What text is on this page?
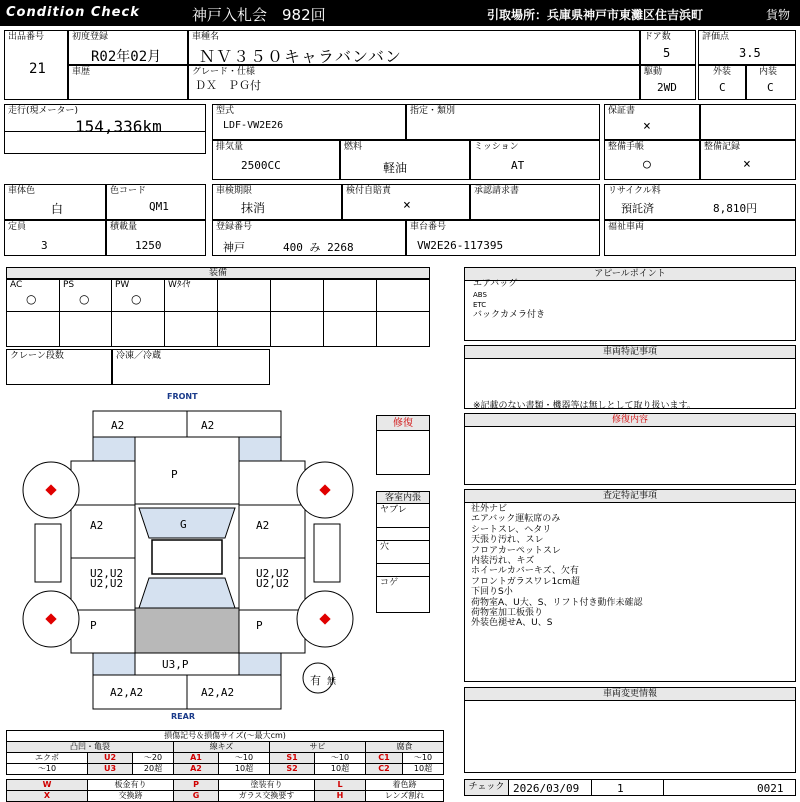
Condition Check	神戸入札会　982回	引取場所：兵庫県神戸市東灘区住吉浜町	貨物
出品番号
21
初度登録
R02年02月
車種名
ＮＶ３５０キャラバンバン
ドア数
5
評価点
3.5
車歴	グレード・仕様
ＤＸ　ＰＧ付
駆動
2WD
外装
C
内装
C
走行(現メーター)
154,336km
型式
LDF-VW2E26
指定・類別	保証書
×
排気量
2500CC
燃料
軽油
ミッション
AT
整備手帳
○
整備記録
×
車体色
白
色コード
QM1
車検期限
抹消
検付自賠責
×
承認請求書	リサイクル料
預託済	8,810円
定員
3
積載量
1250
登録番号
神戸	400 み 2268
車台番号
VW2E26-117395
福祉車両
装備
AC
○
PS
○
PW
○
Wﾀｲﾔ
クレーン段数	冷凍／冷蔵
アピールポイント
エアバッグ
ABS
ETC
バックカメラ付き
車両特記事項
※記載のない書類・機器等は無しとして取り扱います。
修復内容
査定特記事項
社外ナビ
エアバック運転席のみ
シートスレ、ヘタリ
天張り汚れ、スレ
フロアカーペットスレ
内装汚れ、キズ
ホイールカバーキズ、欠有
フロントガラスワレ1cm超
下回りS小
荷物室A、U大、S、リフト付き動作未確認
荷物室加工板張り
外装色褪せA、U、S
車両変更情報
チェック 2026/03/09	1	0021
修復
客室内張
ヤブレ
穴
コゲ
FRONT
REAR
A2	A2
P
G
A2	A2
U2,U2
U2,U2
U2,U2
U2,U2
P	P
U3,P
A2,A2	A2,A2
有 無
損傷記号＆損傷サイズ(〜最大cm)
凸凹・亀裂			線キズ		サビ		腐食	
エクボ	U2	〜20	A1	〜10	S1	〜10	C1	〜10
〜10	U3	20超	A2	10超	S2	10超	C2	10超

W	板金有り		P	塗装有り		L	着色跡	
X	交換跡		G	ガラス交換要す		H	レンズ割れ	
